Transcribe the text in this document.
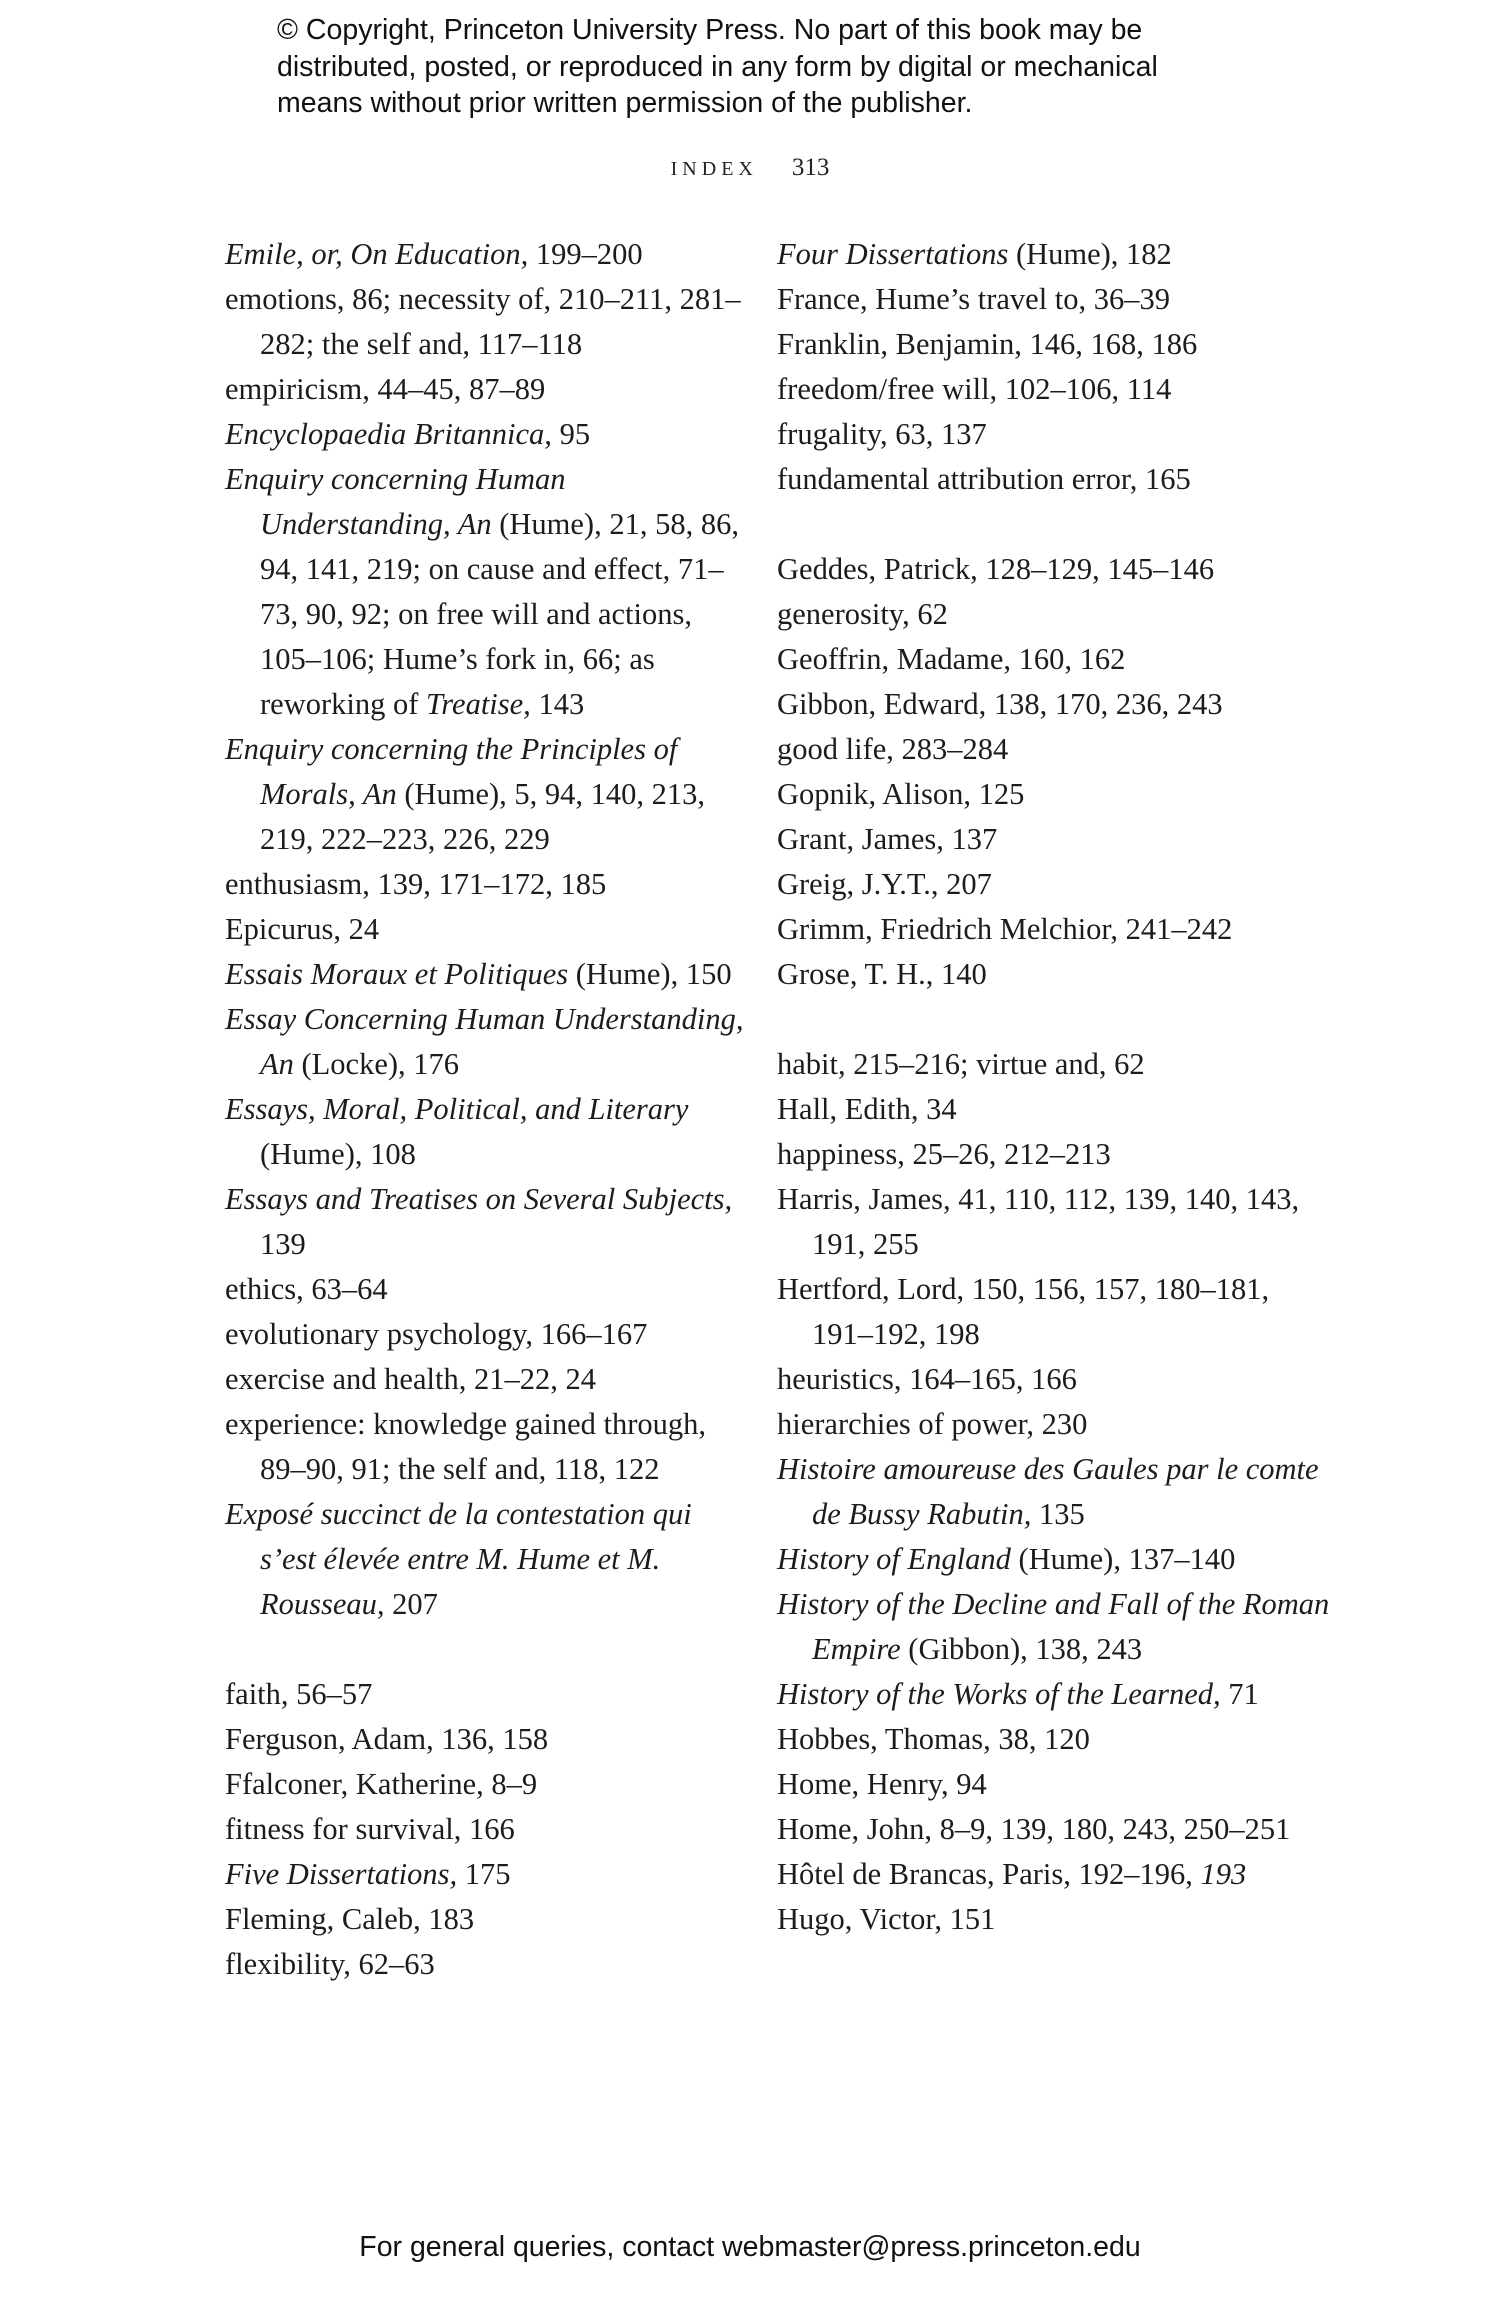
© Copyright, Princeton University Press. No part of this book may be
distributed, posted, or reproduced in any form by digital or mechanical
means without prior written permission of the publisher.
INDEX 313
Emile, or, On Education, 199–200
emotions, 86; necessity of, 210–211, 281–282; the self and, 117–118
empiricism, 44–45, 87–89
Encyclopaedia Britannica, 95
Enquiry concerning Human Understanding, An (Hume), 21, 58, 86, 94, 141, 219; on cause and effect, 71–73, 90, 92; on free will and actions, 105–106; Hume’s fork in, 66; as reworking of Treatise, 143
Enquiry concerning the Principles of Morals, An (Hume), 5, 94, 140, 213, 219, 222–223, 226, 229
enthusiasm, 139, 171–172, 185
Epicurus, 24
Essais Moraux et Politiques (Hume), 150
Essay Concerning Human Understanding, An (Locke), 176
Essays, Moral, Political, and Literary (Hume), 108
Essays and Treatises on Several Subjects, 139
ethics, 63–64
evolutionary psychology, 166–167
exercise and health, 21–22, 24
experience: knowledge gained through, 89–90, 91; the self and, 118, 122
Exposé succinct de la contestation qui s’est élevée entre M. Hume et M. Rousseau, 207
faith, 56–57
Ferguson, Adam, 136, 158
Ffalconer, Katherine, 8–9
fitness for survival, 166
Five Dissertations, 175
Fleming, Caleb, 183
flexibility, 62–63
Four Dissertations (Hume), 182
France, Hume’s travel to, 36–39
Franklin, Benjamin, 146, 168, 186
freedom/free will, 102–106, 114
frugality, 63, 137
fundamental attribution error, 165
Geddes, Patrick, 128–129, 145–146
generosity, 62
Geoffrin, Madame, 160, 162
Gibbon, Edward, 138, 170, 236, 243
good life, 283–284
Gopnik, Alison, 125
Grant, James, 137
Greig, J.Y.T., 207
Grimm, Friedrich Melchior, 241–242
Grose, T. H., 140
habit, 215–216; virtue and, 62
Hall, Edith, 34
happiness, 25–26, 212–213
Harris, James, 41, 110, 112, 139, 140, 143, 191, 255
Hertford, Lord, 150, 156, 157, 180–181, 191–192, 198
heuristics, 164–165, 166
hierarchies of power, 230
Histoire amoureuse des Gaules par le comte de Bussy Rabutin, 135
History of England (Hume), 137–140
History of the Decline and Fall of the Roman Empire (Gibbon), 138, 243
History of the Works of the Learned, 71
Hobbes, Thomas, 38, 120
Home, Henry, 94
Home, John, 8–9, 139, 180, 243, 250–251
Hôtel de Brancas, Paris, 192–196, 193
Hugo, Victor, 151
For general queries, contact webmaster@press.princeton.edu
